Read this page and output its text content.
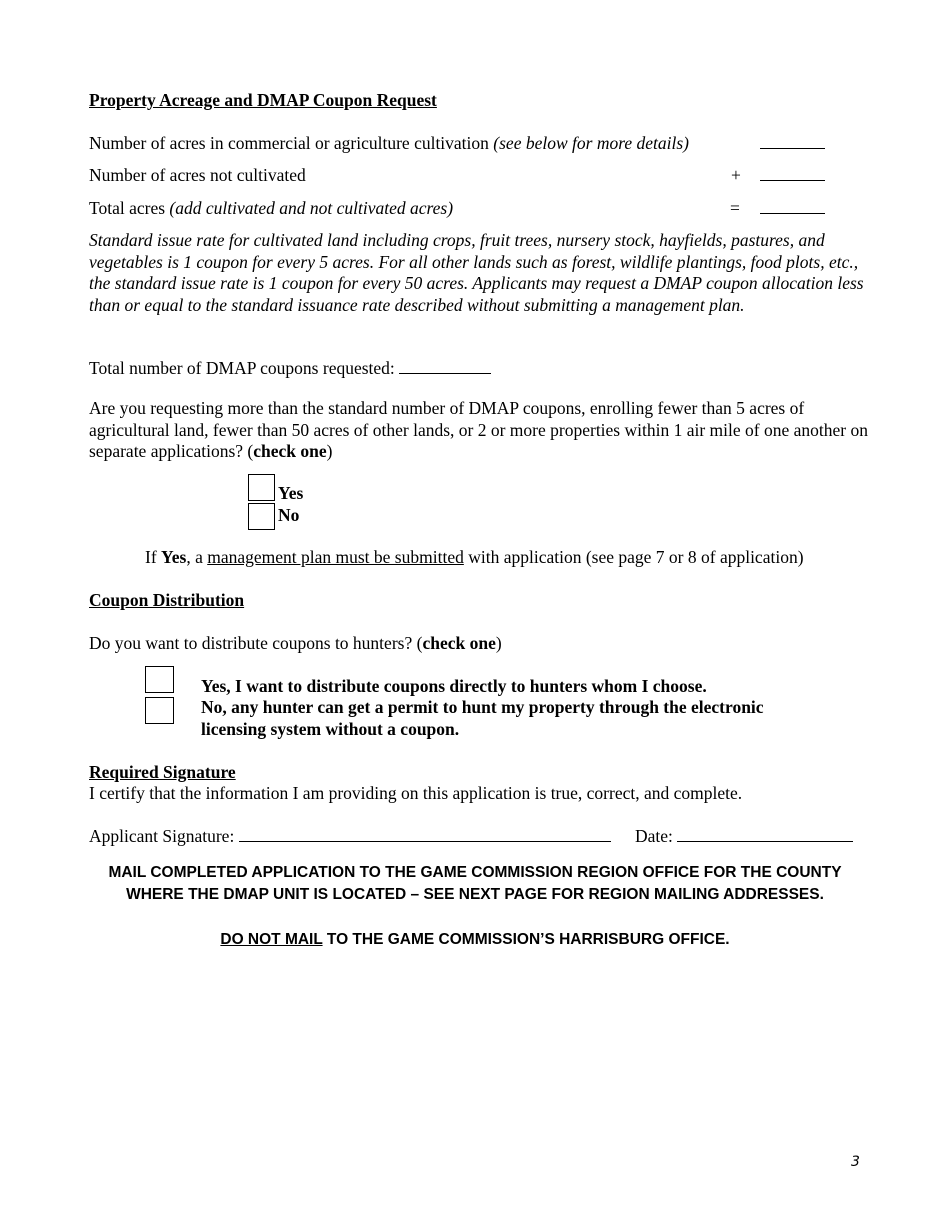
Property Acreage and DMAP Coupon Request
Number of acres in commercial or agriculture cultivation (see below for more details)
Number of acres not cultivated	+
Total acres (add cultivated and not cultivated acres)	=
Standard issue rate for cultivated land including crops, fruit trees, nursery stock, hayfields, pastures, and vegetables is 1 coupon for every 5 acres. For all other lands such as forest, wildlife plantings, food plots, etc., the standard issue rate is 1 coupon for every 50 acres. Applicants may request a DMAP coupon allocation less than or equal to the standard issuance rate described without submitting a management plan.
Total number of DMAP coupons requested:
Are you requesting more than the standard number of DMAP coupons, enrolling fewer than 5 acres of agricultural land, fewer than 50 acres of other lands, or 2 or more properties within 1 air mile of one another on separate applications? (check one)
Yes
No
If Yes, a management plan must be submitted with application (see page 7 or 8 of application)
Coupon Distribution
Do you want to distribute coupons to hunters? (check one)
Yes, I want to distribute coupons directly to hunters whom I choose.
No, any hunter can get a permit to hunt my property through the electronic licensing system without a coupon.
Required Signature
I certify that the information I am providing on this application is true, correct, and complete.
Applicant Signature:	Date:
MAIL COMPLETED APPLICATION TO THE GAME COMMISSION REGION OFFICE FOR THE COUNTY
WHERE THE DMAP UNIT IS LOCATED – SEE NEXT PAGE FOR REGION MAILING ADDRESSES.
DO NOT MAIL TO THE GAME COMMISSION’S HARRISBURG OFFICE.
3
